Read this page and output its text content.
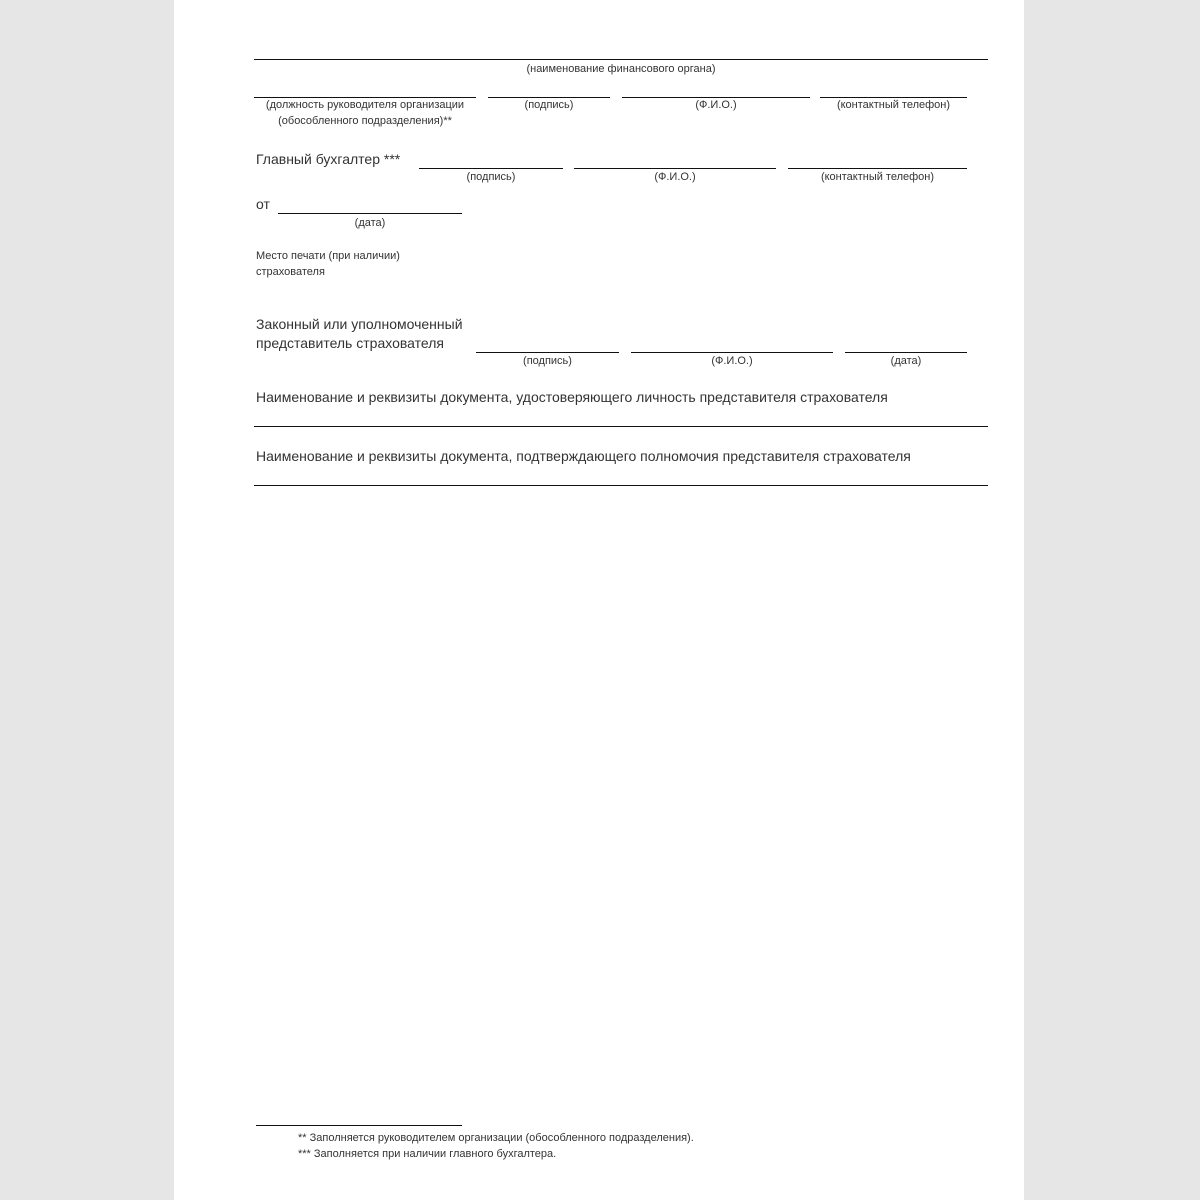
(наименование финансового органа)
(должность руководителя организации
(обособленного подразделения)**
(подпись)	(Ф.И.О.)	(контактный телефон)
Главный бухгалтер ***
(подпись)	(Ф.И.О.)	(контактный телефон)
от
(дата)
Место печати (при наличии)
страхователя
Законный или уполномоченный
представитель страхователя
(подпись)	(Ф.И.О.)	(дата)
Наименование и реквизиты документа, удостоверяющего личность представителя страхователя
Наименование и реквизиты документа, подтверждающего полномочия представителя страхователя
** Заполняется руководителем организации (обособленного подразделения).
*** Заполняется при наличии главного бухгалтера.
